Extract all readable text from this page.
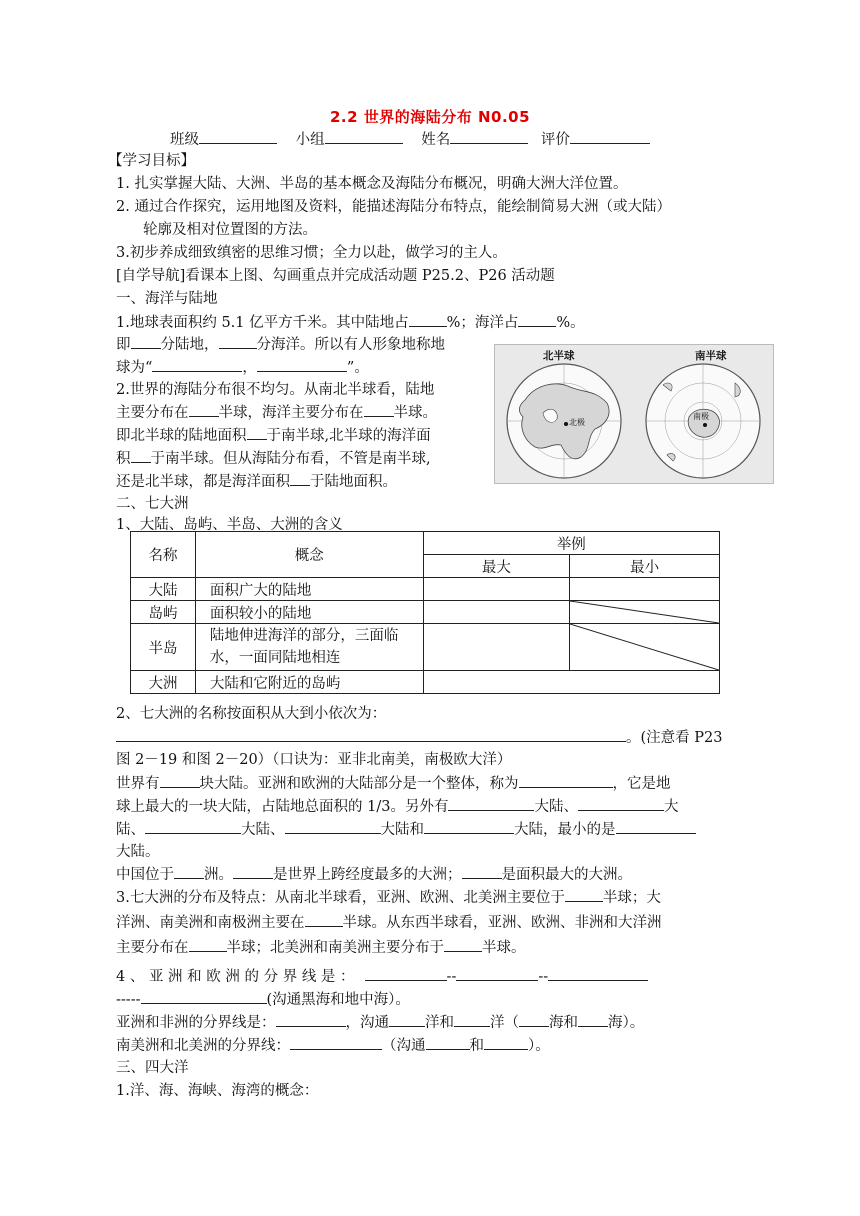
2.2 世界的海陆分布 N0.05
班级	小组	姓名	评价
【学习目标】
1. 扎实掌握大陆、大洲、半岛的基本概念及海陆分布概况，明确大洲大洋位置。
2. 通过合作探究，运用地图及资料，能描述海陆分布特点，能绘制简易大洲（或大陆）
轮廓及相对位置图的方法。
3.初步养成细致缜密的思维习惯；全力以赴，做学习的主人。
[自学导航]看课本上图、勾画重点并完成活动题 P25.2、P26 活动题
一、海洋与陆地
1.地球表面积约 5.1 亿平方千米。其中陆地占	%；海洋占	%。
即 分陆地，	分海洋。所以有人形象地称地
球为“	，	”。
2.世界的海陆分布很不均匀。从南北半球看，陆地
主要分布在 半球，海洋主要分布在 半球。
即北半球的陆地面积 于南半球,北半球的海洋面
积 于南半球。但从海陆分布看，不管是南半球,
还是北半球，都是海洋面积 于陆地面积。
北半球	南半球
北极
南极
二、七大洲
1、大陆、岛屿、半岛、大洲的含义
名称	概念	举例	
		最大	最小
大陆	面积广大的陆地		
岛屿	面积较小的陆地		

半岛	陆地伸进海洋的部分，三面临
水，一面同陆地相连		

大洲	大陆和它附近的岛屿		
2、七大洲的名称按面积从大到小依次为：
。(注意看 P23
图 2－19 和图 2－20）（口诀为：亚非北南美，南极欧大洋）
世界有	块大陆。亚洲和欧洲的大陆部分是一个整体，称为	，它是地
球上最大的一块大陆，占陆地总面积的 1/3。另外有	大陆、	大
陆、	大陆、	大陆和	大陆，最小的是
大陆。
中国位于 洲。	是世界上跨经度最多的大洲；	是面积最大的大洲。
3.七大洲的分布及特点：从南北半球看，亚洲、欧洲、北美洲主要位于	半球；大
洋洲、南美洲和南极洲主要在	半球。从东西半球看，亚洲、欧洲、非洲和大洋洲
主要分布在	半球；北美洲和南美洲主要分布于	半球。
4 、 亚 洲 和 欧 洲 的 分 界 线 是 ：	--	--
-----	(沟通黑海和地中海）。
亚洲和非洲的分界线是：	，沟通 洋和 洋（ 海和 海）。
南美洲和北美洲的分界线：	（沟通	和	）。
三、四大洋
1.洋、海、海峡、海湾的概念：
